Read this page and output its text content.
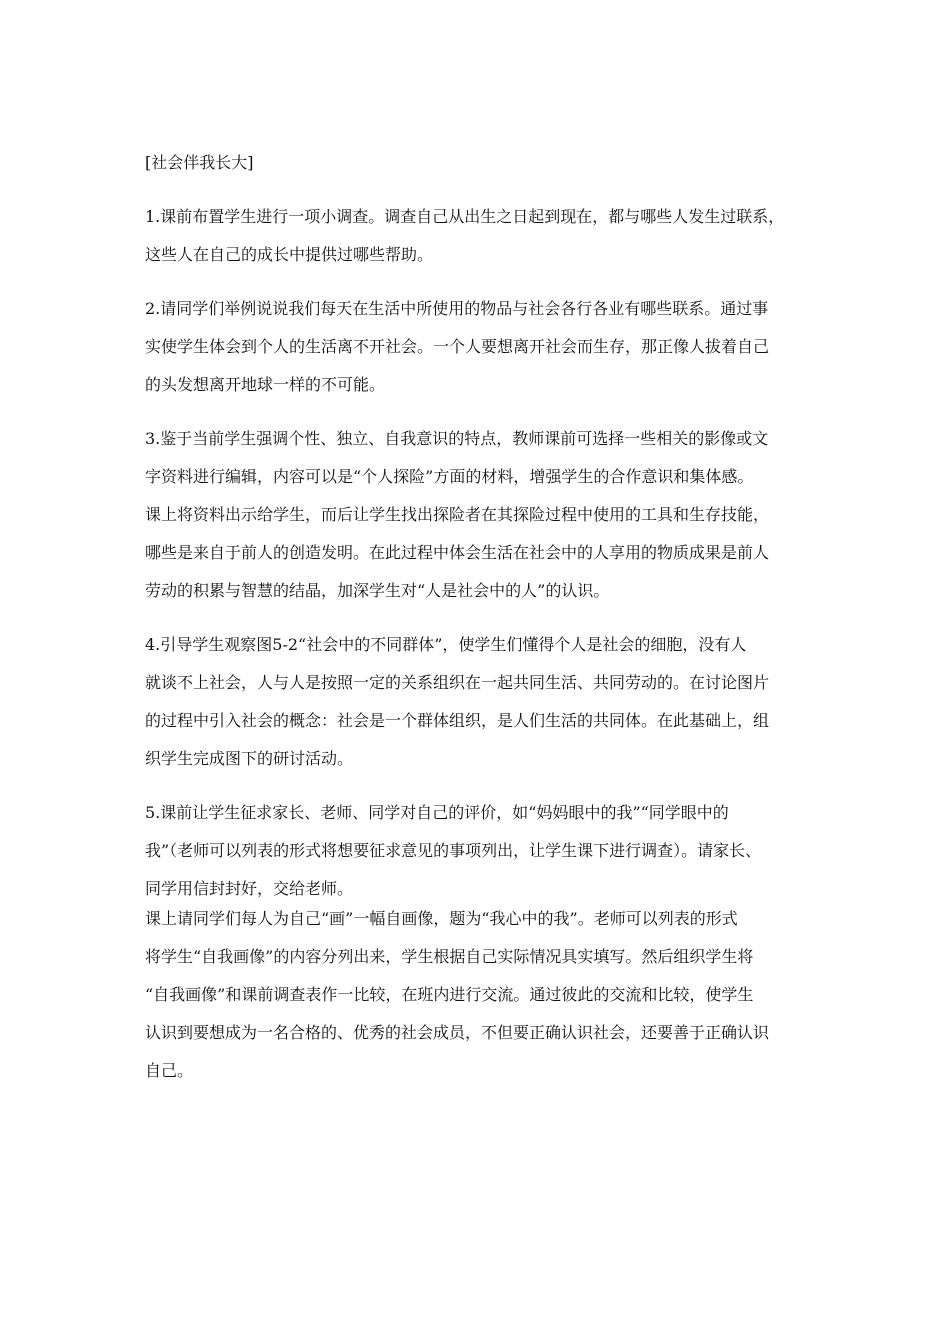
[社会伴我长大]
1.课前布置学生进行一项小调查。调查自己从出生之日起到现在，都与哪些人发生过联系，
这些人在自己的成长中提供过哪些帮助。
2.请同学们举例说说我们每天在生活中所使用的物品与社会各行各业有哪些联系。通过事
实使学生体会到个人的生活离不开社会。一个人要想离开社会而生存，那正像人拔着自己
的头发想离开地球一样的不可能。
3.鉴于当前学生强调个性、独立、自我意识的特点，教师课前可选择一些相关的影像或文
字资料进行编辑，内容可以是“个人探险”方面的材料，增强学生的合作意识和集体感。
课上将资料出示给学生，而后让学生找出探险者在其探险过程中使用的工具和生存技能，
哪些是来自于前人的创造发明。在此过程中体会生活在社会中的人享用的物质成果是前人
劳动的积累与智慧的结晶，加深学生对“人是社会中的人”的认识。
4.引导学生观察图5-2“社会中的不同群体”，使学生们懂得个人是社会的细胞，没有人
就谈不上社会，人与人是按照一定的关系组织在一起共同生活、共同劳动的。在讨论图片
的过程中引入社会的概念：社会是一个群体组织，是人们生活的共同体。在此基础上，组
织学生完成图下的研讨活动。
5.课前让学生征求家长、老师、同学对自己的评价，如“妈妈眼中的我”“同学眼中的
我”（老师可以列表的形式将想要征求意见的事项列出，让学生课下进行调查）。请家长、
同学用信封封好，交给老师。
课上请同学们每人为自己“画”一幅自画像，题为“我心中的我”。老师可以列表的形式
将学生“自我画像”的内容分列出来，学生根据自己实际情况具实填写。然后组织学生将
“自我画像”和课前调查表作一比较，在班内进行交流。通过彼此的交流和比较，使学生
认识到要想成为一名合格的、优秀的社会成员，不但要正确认识社会，还要善于正确认识
自己。
